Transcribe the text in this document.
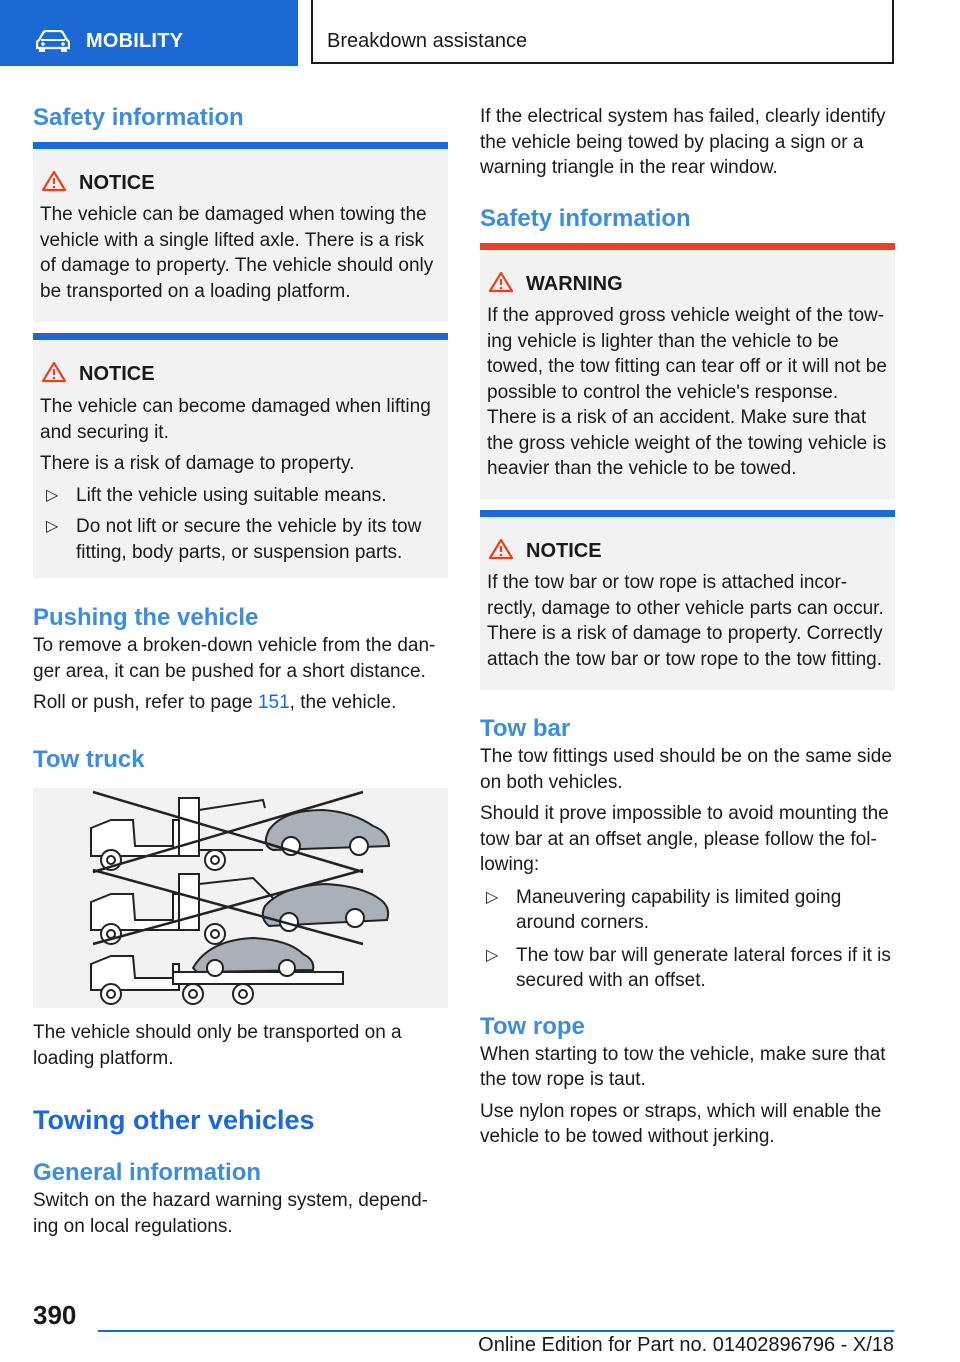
MOBILITY	Breakdown assistance
Safety information
NOTICE
The vehicle can be damaged when towing the vehicle with a single lifted axle. There is a risk of damage to property. The vehicle should only be transported on a loading platform.
NOTICE
The vehicle can become damaged when lifting and securing it.
There is a risk of damage to property.
▷ Lift the vehicle using suitable means.
▷ Do not lift or secure the vehicle by its tow fitting, body parts, or suspension parts.
Pushing the vehicle

To remove a broken-down vehicle from the dan‐ger area, it can be pushed for a short distance.

Roll or push, refer to page 151, the vehicle.

Tow truck

The vehicle should only be transported on a loading platform.

Towing other vehicles
General information

Switch on the hazard warning system, depend‐ing on local regulations.

If the electrical system has failed, clearly identify the vehicle being towed by placing a sign or a warning triangle in the rear window.

Safety information
WARNING
If the approved gross vehicle weight of the tow‐ing vehicle is lighter than the vehicle to be towed, the tow fitting can tear off or it will not be possible to control the vehicle's response. There is a risk of an accident. Make sure that the gross vehicle weight of the towing vehicle is heavier than the vehicle to be towed.
NOTICE
If the tow bar or tow rope is attached incor‐rectly, damage to other vehicle parts can occur. There is a risk of damage to property. Correctly attach the tow bar or tow rope to the tow fitting.
Tow bar

The tow fittings used should be on the same side on both vehicles.

Should it prove impossible to avoid mounting the tow bar at an offset angle, please follow the fol‐lowing:

▷ Maneuvering capability is limited going around corners.
▷ The tow bar will generate lateral forces if it is secured with an offset.
Tow rope

When starting to tow the vehicle, make sure that the tow rope is taut.

Use nylon ropes or straps, which will enable the vehicle to be towed without jerking.

390
Online Edition for Part no. 01402896796 - X/18
